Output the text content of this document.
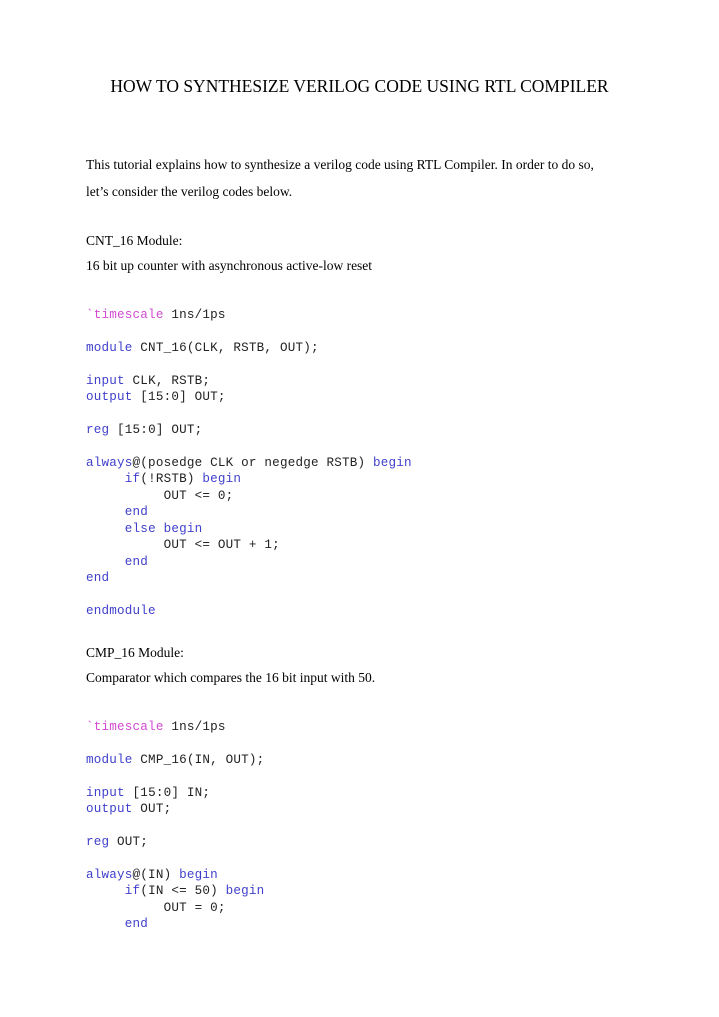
HOW TO SYNTHESIZE VERILOG CODE USING RTL COMPILER
This tutorial explains how to synthesize a verilog code using RTL Compiler. In order to do so,
let’s consider the verilog codes below.
CNT_16 Module:
16 bit up counter with asynchronous active-low reset
`timescale 1ns/1ps
module CNT_16(CLK, RSTB, OUT);
input CLK, RSTB;
output [15:0] OUT;
reg [15:0] OUT;
always@(posedge CLK or negedge RSTB) begin
if(!RSTB) begin
OUT <= 0;
end
else begin
OUT <= OUT + 1;
end
end
endmodule
CMP_16 Module:
Comparator which compares the 16 bit input with 50.
`timescale 1ns/1ps
module CMP_16(IN, OUT);
input [15:0] IN;
output OUT;
reg OUT;
always@(IN) begin
if(IN <= 50) begin
OUT = 0;
end
